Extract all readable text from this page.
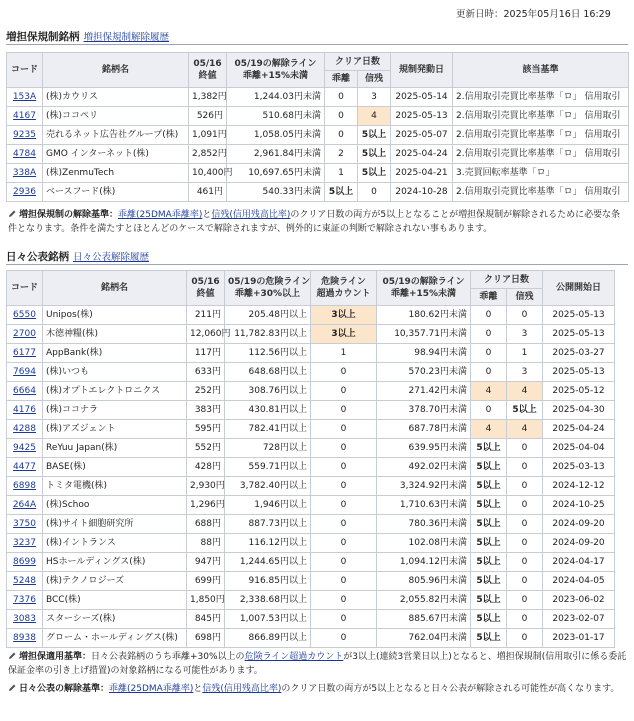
更新日時：2025年05月16日 16:29
増担保規制銘柄 増担保規制解除履歴
コード	銘柄名	05/16
終値	05/19の解除ライン
乖離+15%未満	クリア日数		規制発動日	該当基準
				乖離	信残		
153A	(株)カウリス	1,382円	1,244.03円未満	0	3	2025-05-14	2.信用取引売買比率基準「ロ」 信用取引
4167	(株)ココペリ	526円	510.68円未満	0	4	2025-05-13	2.信用取引売買比率基準「ロ」 信用取引
9235	売れるネット広告社グループ(株)	1,091円	1,058.05円未満	0	5以上	2025-05-07	2.信用取引売買比率基準「ロ」 信用取引
4784	GMO インターネット(株)	2,852円	2,961.84円未満	2	5以上	2025-04-24	2.信用取引売買比率基準「ロ」 信用取引
338A	(株)ZenmuTech	10,400円	10,697.65円未満	1	5以上	2025-04-21	3.売買回転率基準「ロ」
2936	ベースフード(株)	461円	540.33円未満	5以上	0	2024-10-28	2.信用取引売買比率基準「ロ」 信用取引
増担保規制の解除基準：乖離(25DMA乖離率)と信残(信用残高比率)のクリア日数の両方が5以上となることが増担保規制が解除されるために必要な条件となります。条件を満たすとほとんどのケースで解除されますが、例外的に東証の判断で解除されない事もあります。
日々公表銘柄 日々公表解除履歴
コード	銘柄名	05/16
終値	05/19の危険ライン
乖離+30%以上	危険ライン
超過カウント	05/19の解除ライン
乖離+15%未満	クリア日数		公開開始日
						乖離	信残	
6550	Unipos(株)	211円	205.48円以上	3以上	180.62円未満	0	0	2025-05-13
2700	木徳神糧(株)	12,060円	11,782.83円以上	3以上	10,357.71円未満	0	3	2025-05-13
6177	AppBank(株)	117円	112.56円以上	1	98.94円未満	0	1	2025-03-27
7694	(株)いつも	633円	648.68円以上	0	570.23円未満	0	3	2025-05-13
6664	(株)オプトエレクトロニクス	252円	308.76円以上	0	271.42円未満	4	4	2025-05-12
4176	(株)ココナラ	383円	430.81円以上	0	378.70円未満	0	5以上	2025-04-30
4288	(株)アズジェント	595円	782.41円以上	0	687.78円未満	4	4	2025-04-24
9425	ReYuu Japan(株)	552円	728円以上	0	639.95円未満	5以上	0	2025-04-04
4477	BASE(株)	428円	559.71円以上	0	492.02円未満	5以上	0	2025-03-13
6898	トミタ電機(株)	2,930円	3,782.40円以上	0	3,324.92円未満	5以上	0	2024-12-12
264A	(株)Schoo	1,296円	1,946円以上	0	1,710.63円未満	5以上	0	2024-10-25
3750	(株)サイト細胞研究所	688円	887.73円以上	0	780.36円未満	5以上	0	2024-09-20
3237	(株)イントランス	88円	116.12円以上	0	102.08円未満	5以上	0	2024-09-20
8699	HSホールディングス(株)	947円	1,244.65円以上	0	1,094.12円未満	5以上	0	2024-04-17
5248	(株)テクノロジーズ	699円	916.85円以上	0	805.96円未満	5以上	0	2024-04-05
7376	BCC(株)	1,850円	2,338.68円以上	0	2,055.82円未満	5以上	0	2023-06-02
3083	スターシーズ(株)	845円	1,007.53円以上	0	885.67円未満	5以上	0	2023-02-07
8938	グローム・ホールディングス(株)	698円	866.89円以上	0	762.04円未満	5以上	0	2023-01-17
増担保適用基準：日々公表銘柄のうち乖離+30%以上の危険ライン超過カウントが3以上(連続3営業日以上)となると、増担保規制(信用取引に係る委託保証金率の引き上げ措置)の対象銘柄になる可能性があります。
日々公表の解除基準：乖離(25DMA乖離率)と信残(信用残高比率)のクリア日数の両方が5以上となると日々公表が解除される可能性が高くなります。
